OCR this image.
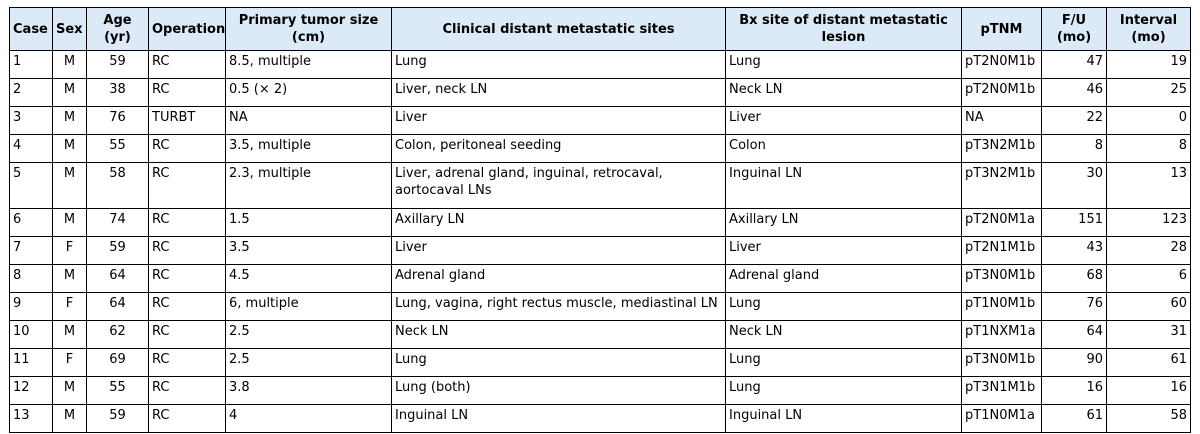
Case	Sex	Age (yr)	Operation	Primary tumor size (cm)	Clinical distant metastatic sites	Bx site of distant metastatic lesion	pTNM	F/U (mo)	Interval (mo)
1	M	59	RC	8.5, multiple	Lung	Lung	pT2N0M1b	47	19
2	M	38	RC	0.5 (× 2)	Liver, neck LN	Neck LN	pT2N0M1b	46	25
3	M	76	TURBT	NA	Liver	Liver	NA	22	0
4	M	55	RC	3.5, multiple	Colon, peritoneal seeding	Colon	pT3N2M1b	8	8
5	M	58	RC	2.3, multiple	Liver, adrenal gland, inguinal, retrocaval, aortocaval LNs	Inguinal LN	pT3N2M1b	30	13
6	M	74	RC	1.5	Axillary LN	Axillary LN	pT2N0M1a	151	123
7	F	59	RC	3.5	Liver	Liver	pT2N1M1b	43	28
8	M	64	RC	4.5	Adrenal gland	Adrenal gland	pT3N0M1b	68	6
9	F	64	RC	6, multiple	Lung, vagina, right rectus muscle, mediastinal LN	Lung	pT1N0M1b	76	60
10	M	62	RC	2.5	Neck LN	Neck LN	pT1NXM1a	64	31
11	F	69	RC	2.5	Lung	Lung	pT3N0M1b	90	61
12	M	55	RC	3.8	Lung (both)	Lung	pT3N1M1b	16	16
13	M	59	RC	4	Inguinal LN	Inguinal LN	pT1N0M1a	61	58
